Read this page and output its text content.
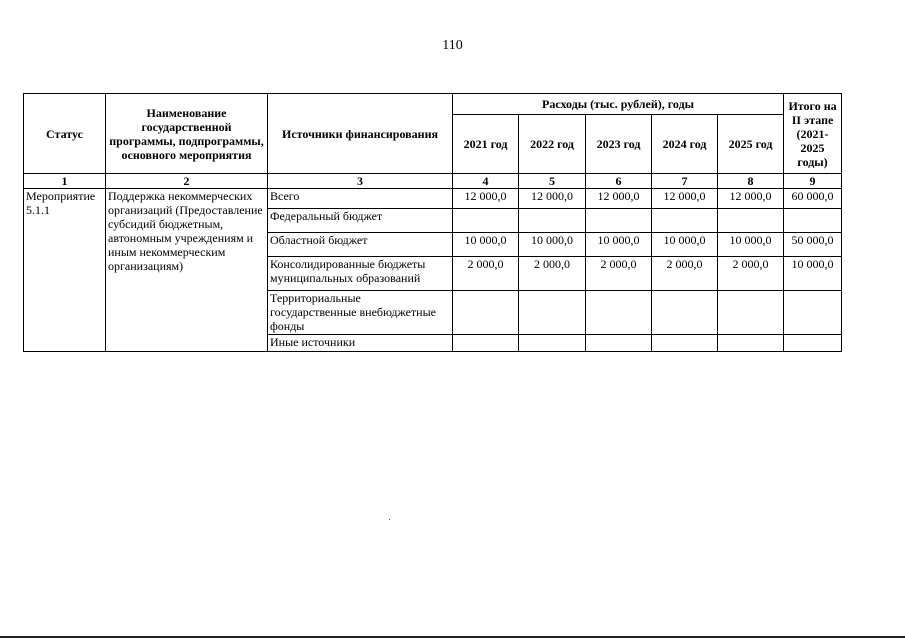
110
Статус	Наименование государственной программы, подпрограммы, основного мероприятия	Источники финансирования	Расходы (тыс. рублей), годы					Итого на II этапе (2021-2025 годы)
			2021 год	2022 год	2023 год	2024 год	2025 год	
1	2	3	4	5	6	7	8	9
Мероприятие 5.1.1	Поддержка некоммерческих организаций (Предоставление субсидий бюджетным, автономным учреждениям и иным некоммерческим организациям)	Всего	12 000,0	12 000,0	12 000,0	12 000,0	12 000,0	60 000,0
		Федеральный бюджет						
		Областной бюджет	10 000,0	10 000,0	10 000,0	10 000,0	10 000,0	50 000,0
		Консолидированные бюджеты муниципальных образований	2 000,0	2 000,0	2 000,0	2 000,0	2 000,0	10 000,0
		Территориальные государственные внебюджетные фонды						
		Иные источники						
